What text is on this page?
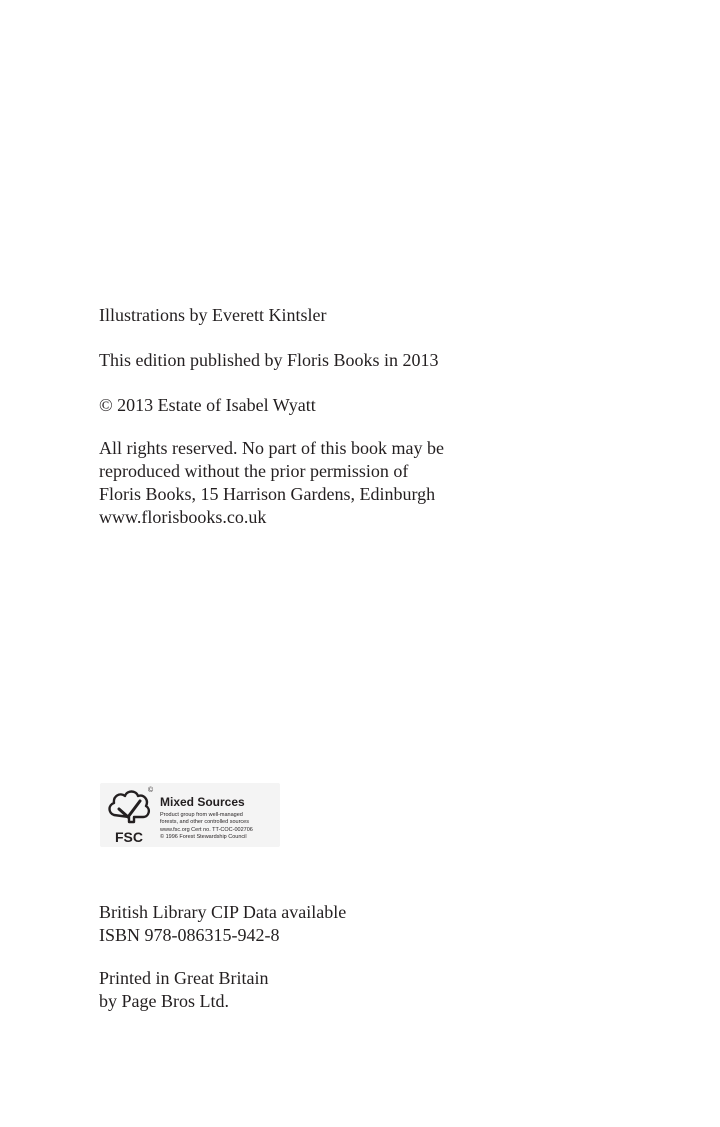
Illustrations by Everett Kintsler

This edition published by Floris Books in 2013

© 2013 Estate of Isabel Wyatt

All rights reserved. No part of this book may be
reproduced without the prior permission of
Floris Books, 15 Harrison Gardens, Edinburgh
www.florisbooks.co.uk
FSC
©
Mixed Sources
Product group from well-managed
forests, and other controlled sources
www.fsc.org Cert no. TT-COC-002706
© 1996 Forest Stewardship Council
British Library CIP Data available
ISBN 978-086315-942-8
Printed in Great Britain
by Page Bros Ltd.
